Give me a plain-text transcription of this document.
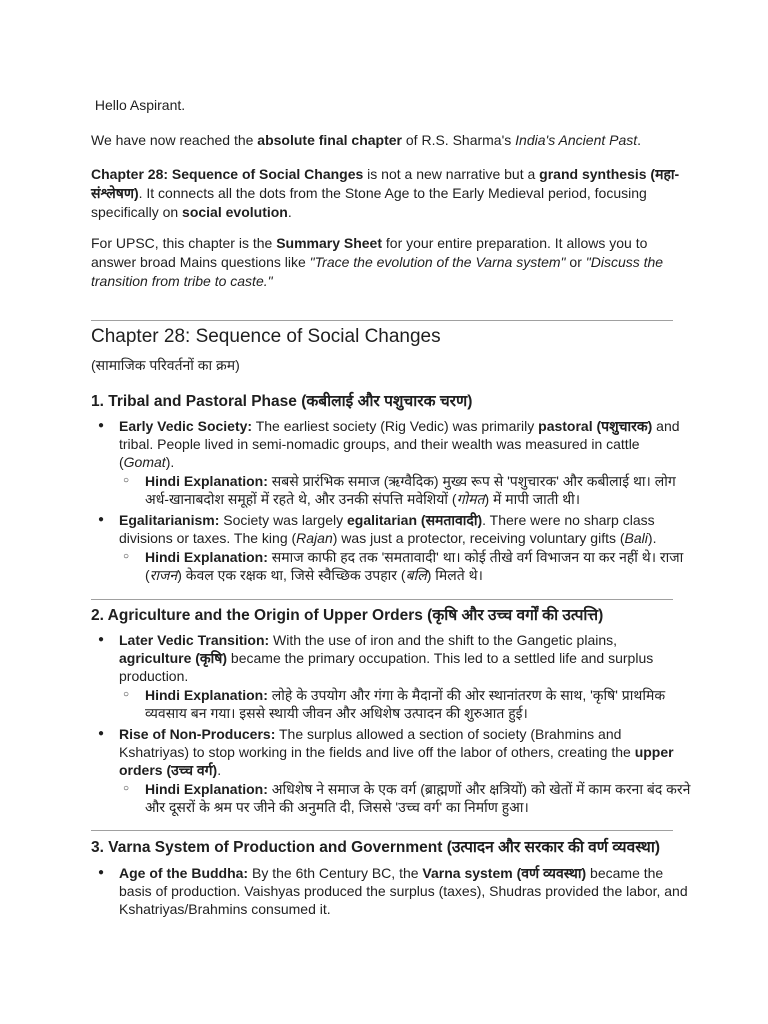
Hello Aspirant.

We have now reached the absolute final chapter of R.S. Sharma's India's Ancient Past.

Chapter 28: Sequence of Social Changes is not a new narrative but a grand synthesis (महा-संश्लेषण). It connects all the dots from the Stone Age to the Early Medieval period, focusing specifically on social evolution.

For UPSC, this chapter is the Summary Sheet for your entire preparation. It allows you to answer broad Mains questions like "Trace the evolution of the Varna system" or "Discuss the transition from tribe to caste."

Chapter 28: Sequence of Social Changes

(सामाजिक परिवर्तनों का क्रम)

1. Tribal and Pastoral Phase (कबीलाई और पशुचारक चरण)
● Early Vedic Society: The earliest society (Rig Vedic) was primarily pastoral (पशुचारक) and tribal. People lived in semi-nomadic groups, and their wealth was measured in cattle (Gomat).
○ Hindi Explanation: सबसे प्रारंभिक समाज (ऋग्वैदिक) मुख्य रूप से 'पशुचारक' और कबीलाई था। लोग अर्ध-खानाबदोश समूहों में रहते थे, और उनकी संपत्ति मवेशियों (गोमत) में मापी जाती थी।
● Egalitarianism: Society was largely egalitarian (समतावादी). There were no sharp class divisions or taxes. The king (Rajan) was just a protector, receiving voluntary gifts (Bali).
○ Hindi Explanation: समाज काफी हद तक 'समतावादी' था। कोई तीखे वर्ग विभाजन या कर नहीं थे। राजा (राजन) केवल एक रक्षक था, जिसे स्वैच्छिक उपहार (बलि) मिलते थे।
2. Agriculture and the Origin of Upper Orders (कृषि और उच्च वर्गों की उत्पत्ति)
● Later Vedic Transition: With the use of iron and the shift to the Gangetic plains, agriculture (कृषि) became the primary occupation. This led to a settled life and surplus production.
○ Hindi Explanation: लोहे के उपयोग और गंगा के मैदानों की ओर स्थानांतरण के साथ, 'कृषि' प्राथमिक व्यवसाय बन गया। इससे स्थायी जीवन और अधिशेष उत्पादन की शुरुआत हुई।
● Rise of Non-Producers: The surplus allowed a section of society (Brahmins and Kshatriyas) to stop working in the fields and live off the labor of others, creating the upper orders (उच्च वर्ग).
○ Hindi Explanation: अधिशेष ने समाज के एक वर्ग (ब्राह्मणों और क्षत्रियों) को खेतों में काम करना बंद करने और दूसरों के श्रम पर जीने की अनुमति दी, जिससे 'उच्च वर्ग' का निर्माण हुआ।
3. Varna System of Production and Government (उत्पादन और सरकार की वर्ण व्यवस्था)
● Age of the Buddha: By the 6th Century BC, the Varna system (वर्ण व्यवस्था) became the basis of production. Vaishyas produced the surplus (taxes), Shudras provided the labor, and Kshatriyas/Brahmins consumed it.
